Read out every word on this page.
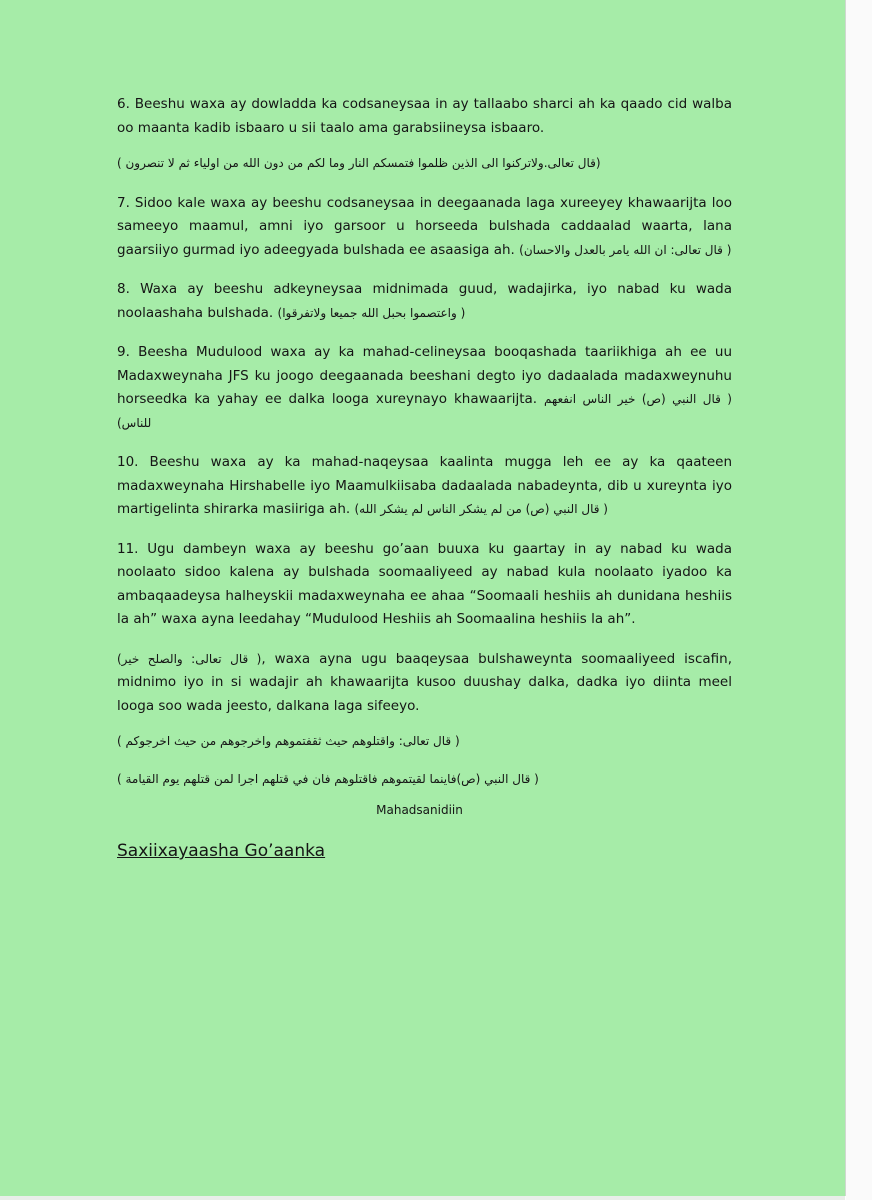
6. Beeshu waxa ay dowladda ka codsaneysaa in ay tallaabo sharci ah ka qaado cid walba oo maanta kadib isbaaro u sii taalo ama garabsiineysa isbaaro.

(قال تعالى.ولاتركنوا الى الذين ظلموا فتمسكم النار وما لكم من دون الله من اولياء ثم لا تنصرون )

7. Sidoo kale waxa ay beeshu codsaneysaa in deegaanada laga xureeyey khawaarijta loo sameeyo maamul, amni iyo garsoor u horseeda bulshada caddaalad waarta, lana gaarsiiyo gurmad iyo adeegyada bulshada ee asaasiga ah. ( قال تعالى: ان الله يامر بالعدل والاحسان)

8. Waxa ay beeshu adkeyneysaa midnimada guud, wadajirka, iyo nabad ku wada noolaashaha bulshada. ( واعتصموا بحبل الله جميعا ولاتفرقوا)

9. Beesha Mudulood waxa ay ka mahad-celineysaa booqashada taariikhiga ah ee uu Madaxweynaha JFS ku joogo deegaanada beeshani degto iyo dadaalada madaxweynuhu horseedka ka yahay ee dalka looga xureynayo khawaarijta. ( قال النبي (ص) خير الناس انفعهم للناس)

10. Beeshu waxa ay ka mahad-naqeysaa kaalinta mugga leh ee ay ka qaateen madaxweynaha Hirshabelle iyo Maamulkiisaba dadaalada nabadeynta, dib u xureynta iyo martigelinta shirarka masiiriga ah. ( قال النبي (ص) من لم يشكر الناس لم يشكر الله)

11. Ugu dambeyn waxa ay beeshu go’aan buuxa ku gaartay in ay nabad ku wada noolaato sidoo kalena ay bulshada soomaaliyeed ay nabad kula noolaato iyadoo ka ambaqaadeysa halheyskii madaxweynaha ee ahaa “Soomaali heshiis ah dunidana heshiis la ah” waxa ayna leedahay “Mudulood Heshiis ah Soomaalina heshiis la ah”.

( قال تعالى: والصلح خير), waxa ayna ugu baaqeysaa bulshaweynta soomaaliyeed iscafin, midnimo iyo in si wadajir ah khawaarijta kusoo duushay dalka, dadka iyo diinta meel looga soo wada jeesto, dalkana laga sifeeyo.

( قال تعالى: واقتلوهم حيث ثقفتموهم واخرجوهم من حيث اخرجوكم )

( قال النبي (ص)فاينما لقيتموهم فاقتلوهم فان في قتلهم اجرا لمن قتلهم يوم القيامة )

Mahadsanidiin
Saxiixayaasha Go’aanka
